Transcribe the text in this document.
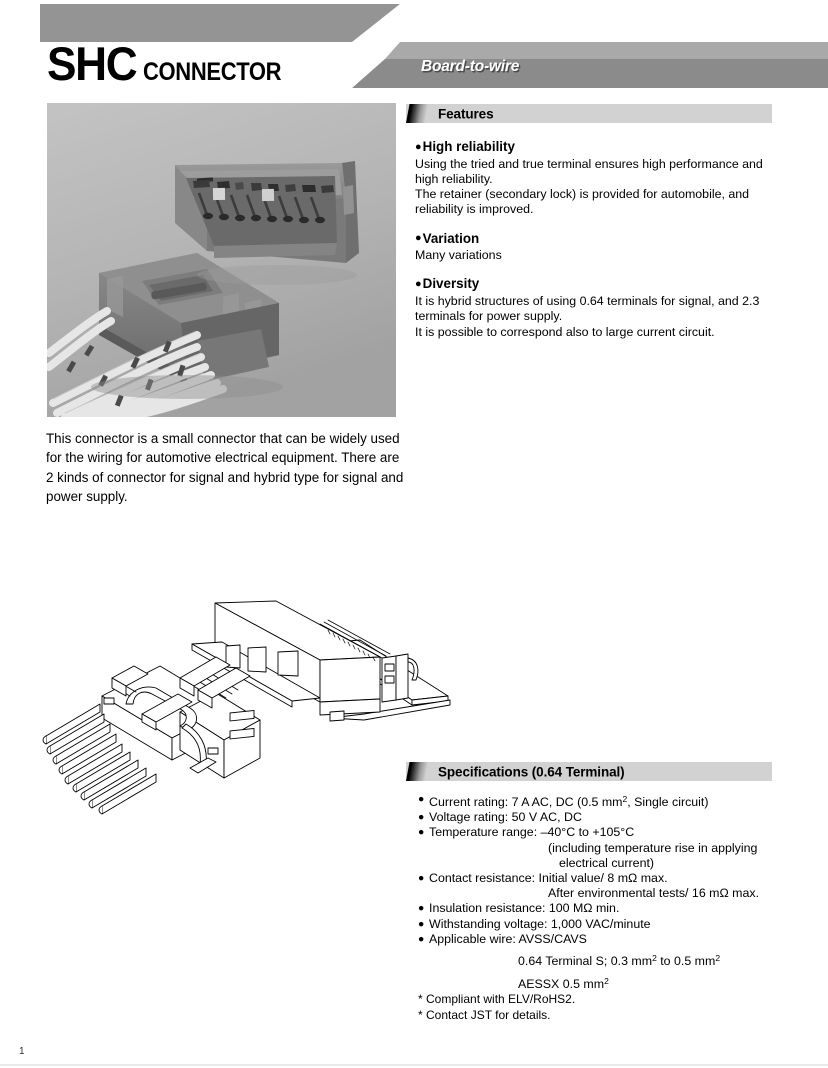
SHC CONNECTOR	Board-to-wire
This connector is a small connector that can be widely used for the wiring for automotive electrical equipment. There are 2 kinds of connector for signal and hybrid type for signal and power supply.
Features
●High reliability
Using the tried and true terminal ensures high performance and
high reliability.
The retainer (secondary lock) is provided for automobile, and
reliability is improved.
●Variation
Many variations
●Diversity
It is hybrid structures of using 0.64 terminals for signal, and 2.3
terminals for power supply.
It is possible to correspond also to large current circuit.
Specifications (0.64 Terminal)
● Current rating: 7 A AC, DC (0.5 $mm^2$, Single circuit)
● Voltage rating: 50 V AC, DC
● Temperature range: –40°C to +105°C
(including temperature rise in applying
electrical current)
● Contact resistance: Initial value/ 8 mΩ max.
After environmental tests/ 16 mΩ max.
● Insulation resistance: 100 MΩ min.
● Withstanding voltage: 1,000 VAC/minute
● Applicable wire: AVSS/CAVS
0.64 Terminal S; 0.3 $mm^2$ to 0.5 $mm^2$
AESSX 0.5 $mm^2$
* Compliant with ELV/RoHS2.
* Contact JST for details.
1
